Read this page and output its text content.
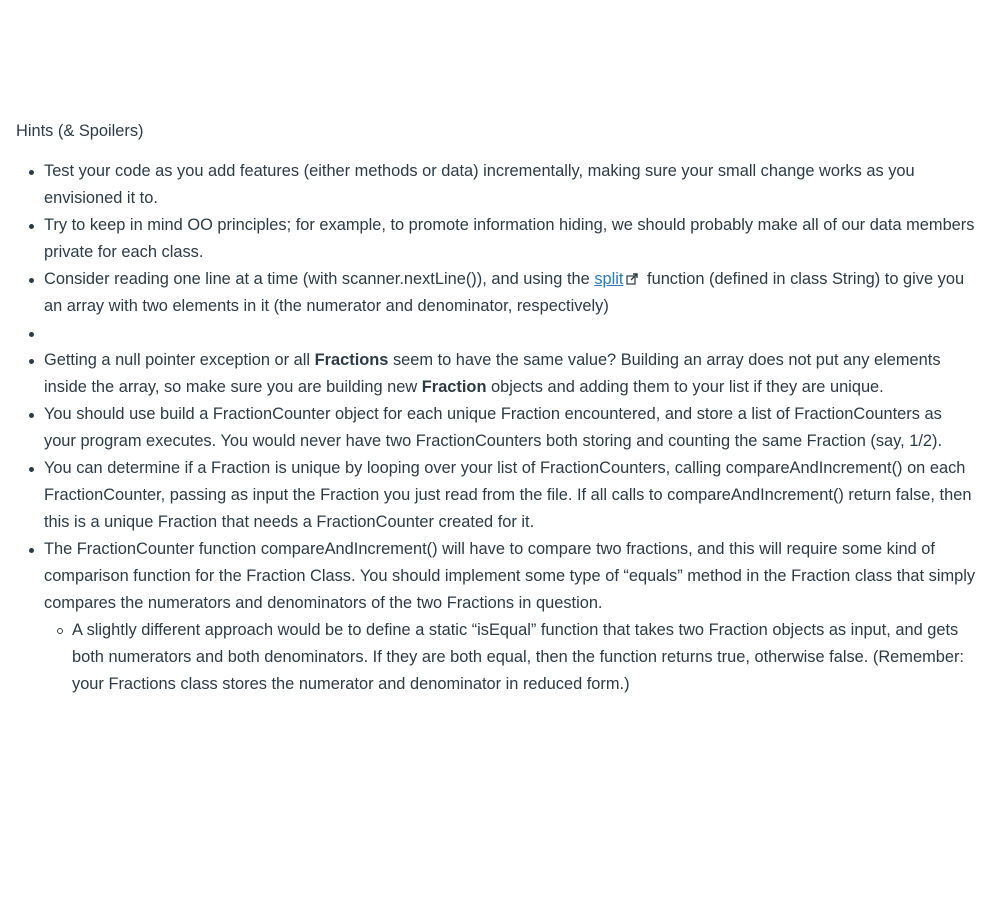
Hints (& Spoilers)
Test your code as you add features (either methods or data) incrementally, making sure your small change works as you envisioned it to.
Try to keep in mind OO principles; for example, to promote information hiding, we should probably make all of our data members private for each class.
Consider reading one line at a time (with scanner.nextLine()), and using the split function (defined in class String) to give you an array with two elements in it (the numerator and denominator, respectively)
Getting a null pointer exception or all Fractions seem to have the same value? Building an array does not put any elements inside the array, so make sure you are building new Fraction objects and adding them to your list if they are unique.
You should use build a FractionCounter object for each unique Fraction encountered, and store a list of FractionCounters as your program executes. You would never have two FractionCounters both storing and counting the same Fraction (say, 1/2).
You can determine if a Fraction is unique by looping over your list of FractionCounters, calling compareAndIncrement() on each FractionCounter, passing as input the Fraction you just read from the file. If all calls to compareAndIncrement() return false, then this is a unique Fraction that needs a FractionCounter created for it.
The FractionCounter function compareAndIncrement() will have to compare two fractions, and this will require some kind of comparison function for the Fraction Class. You should implement some type of “equals” method in the Fraction class that simply compares the numerators and denominators of the two Fractions in question.
A slightly different approach would be to define a static “isEqual” function that takes two Fraction objects as input, and gets both numerators and both denominators. If they are both equal, then the function returns true, otherwise false. (Remember: your Fractions class stores the numerator and denominator in reduced form.)
